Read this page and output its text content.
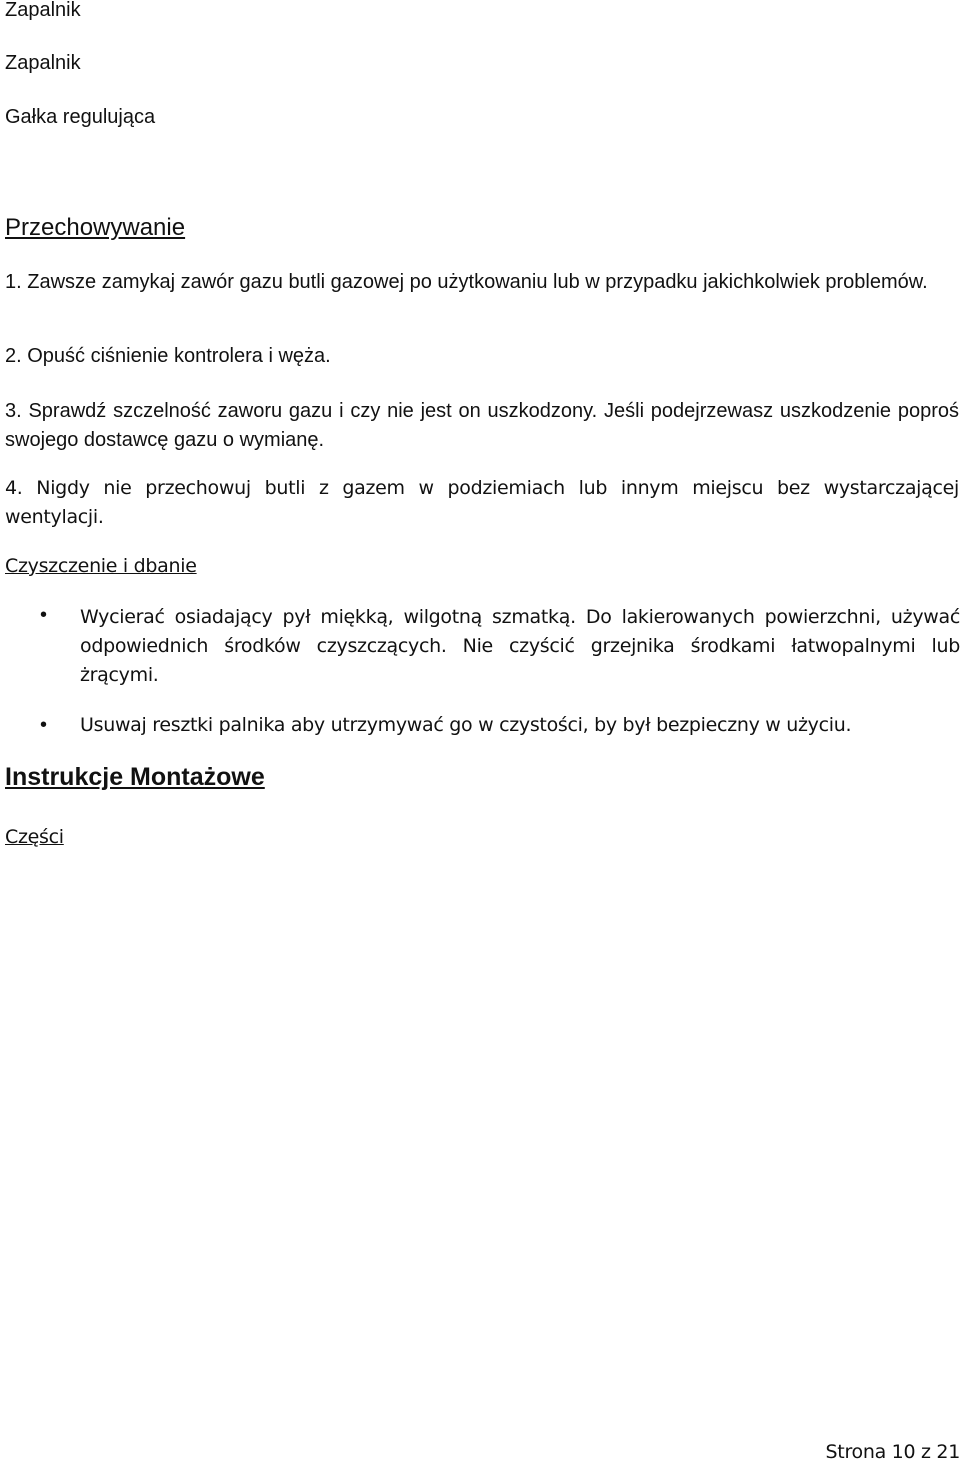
Zapalnik
Zapalnik
Gałka regulująca
Przechowywanie
1. Zawsze zamykaj zawór gazu butli gazowej po użytkowaniu lub w przypadku jakichkolwiek problemów.
2. Opuść ciśnienie kontrolera i węża.
3. Sprawdź szczelność zaworu gazu i czy nie jest on uszkodzony. Jeśli podejrzewasz uszkodzenie poproś swojego dostawcę gazu o wymianę.
4. Nigdy nie przechowuj butli z gazem w podziemiach lub innym miejscu bez wystarczającej wentylacji.
Czyszczenie i dbanie
• Wycierać osiadający pył miękką, wilgotną szmatką. Do lakierowanych powierzchni, używać odpowiednich środków czyszczących. Nie czyścić grzejnika środkami łatwopalnymi lub żrącymi.
• Usuwaj resztki palnika aby utrzymywać go w czystości, by był bezpieczny w użyciu.
Instrukcje Montażowe
Części
Strona 10 z 21
